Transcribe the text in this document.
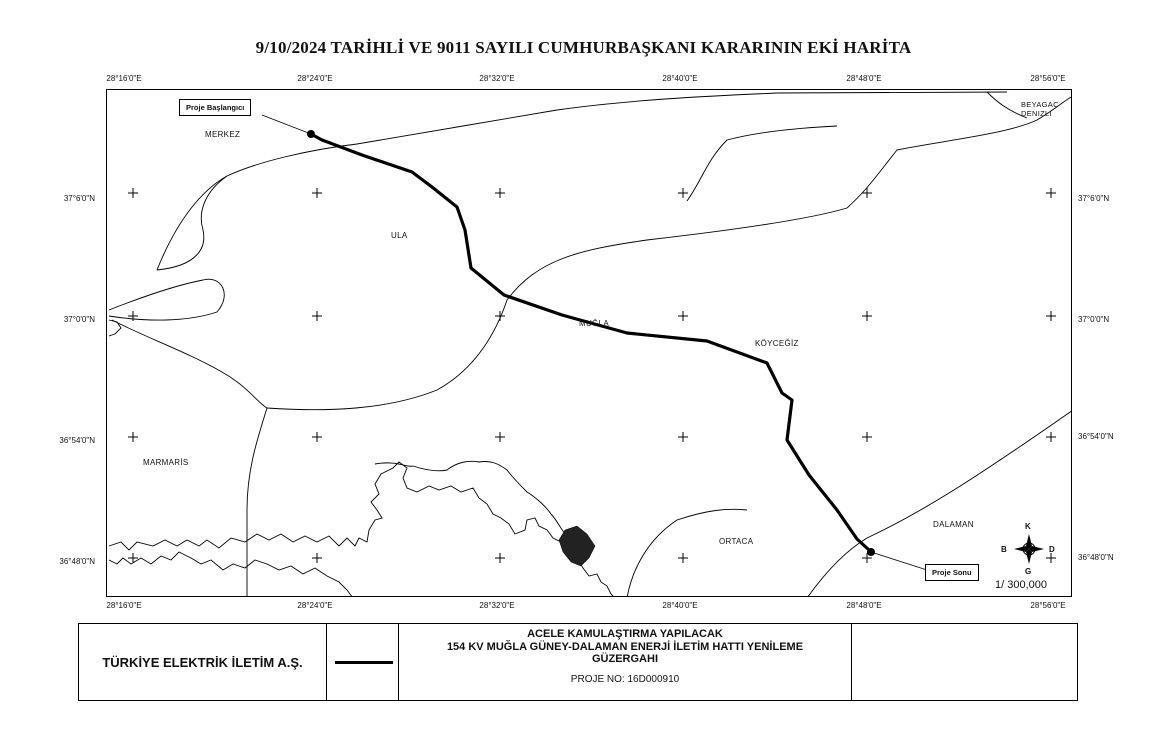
9/10/2024 TARİHLİ VE 9011 SAYILI CUMHURBAŞKANI KARARININ EKİ HARİTA
28°16'0"E	28°24'0"E	28°32'0"E	28°40'0"E	28°48'0"E	28°56'0"E
28°16'0"E	28°24'0"E	28°32'0"E	28°40'0"E	28°48'0"E	28°56'0"E
37°6'0"N
37°0'0"N
36°54'0"N
36°48'0"N
37°6'0"N
37°0'0"N
36°54'0"N
36°48'0"N
MERKEZ
ULA
MUĞLA
KÖYCEĞİZ
MARMARİS
ORTACA
DALAMAN
BEYAGAC
DENIZLI
Proje Başlangıcı
Proje Sonu
K
G
D
B
1/ 300,000
TÜRKİYE ELEKTRİK İLETİM A.Ş.
ACELE KAMULAŞTIRMA YAPILACAK
154 KV MUĞLA GÜNEY-DALAMAN ENERJİ İLETİM HATTI YENİLEME
GÜZERGAHI
PROJE NO: 16D000910
